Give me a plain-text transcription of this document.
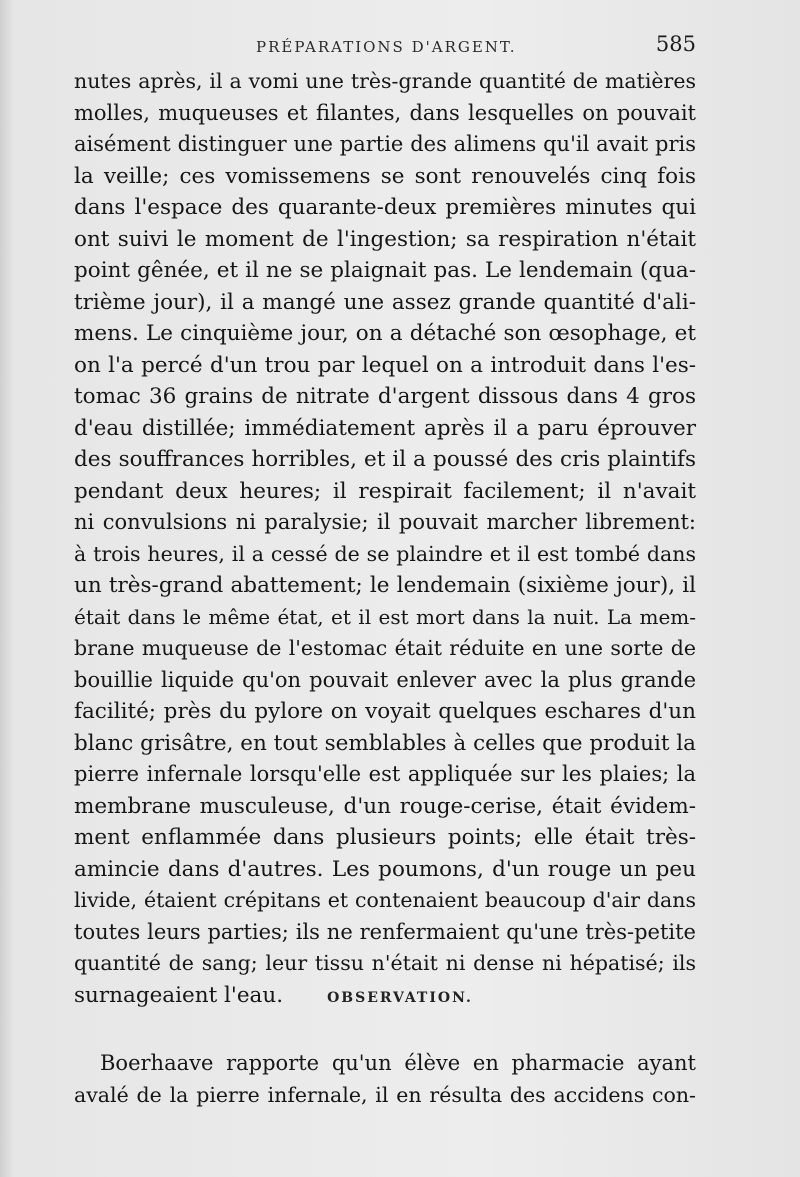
PRÉPARATIONS D'ARGENT.	585
nutes après, il a vomi une très-grande quantité de matières
molles, muqueuses et filantes, dans lesquelles on pouvait
aisément distinguer une partie des alimens qu'il avait pris
la veille; ces vomissemens se sont renouvelés cinq fois
dans l'espace des quarante-deux premières minutes qui
ont suivi le moment de l'ingestion; sa respiration n'était
point gênée, et il ne se plaignait pas. Le lendemain (qua-
trième jour), il a mangé une assez grande quantité d'ali-
mens. Le cinquième jour, on a détaché son œsophage, et
on l'a percé d'un trou par lequel on a introduit dans l'es-
tomac 36 grains de nitrate d'argent dissous dans 4 gros
d'eau distillée; immédiatement après il a paru éprouver
des souffrances horribles, et il a poussé des cris plaintifs
pendant deux heures; il respirait facilement; il n'avait
ni convulsions ni paralysie; il pouvait marcher librement:
à trois heures, il a cessé de se plaindre et il est tombé dans
un très-grand abattement; le lendemain (sixième jour), il
était dans le même état, et il est mort dans la nuit. La mem-
brane muqueuse de l'estomac était réduite en une sorte de
bouillie liquide qu'on pouvait enlever avec la plus grande
facilité; près du pylore on voyait quelques eschares d'un
blanc grisâtre, en tout semblables à celles que produit la
pierre infernale lorsqu'elle est appliquée sur les plaies; la
membrane musculeuse, d'un rouge-cerise, était évidem-
ment enflammée dans plusieurs points; elle était très-
amincie dans d'autres. Les poumons, d'un rouge un peu
livide, étaient crépitans et contenaient beaucoup d'air dans
toutes leurs parties; ils ne renfermaient qu'une très-petite
quantité de sang; leur tissu n'était ni dense ni hépatisé; ils
surnageaient l'eau.	OBSERVATION.
Boerhaave rapporte qu'un élève en pharmacie ayant
avalé de la pierre infernale, il en résulta des accidens con-
